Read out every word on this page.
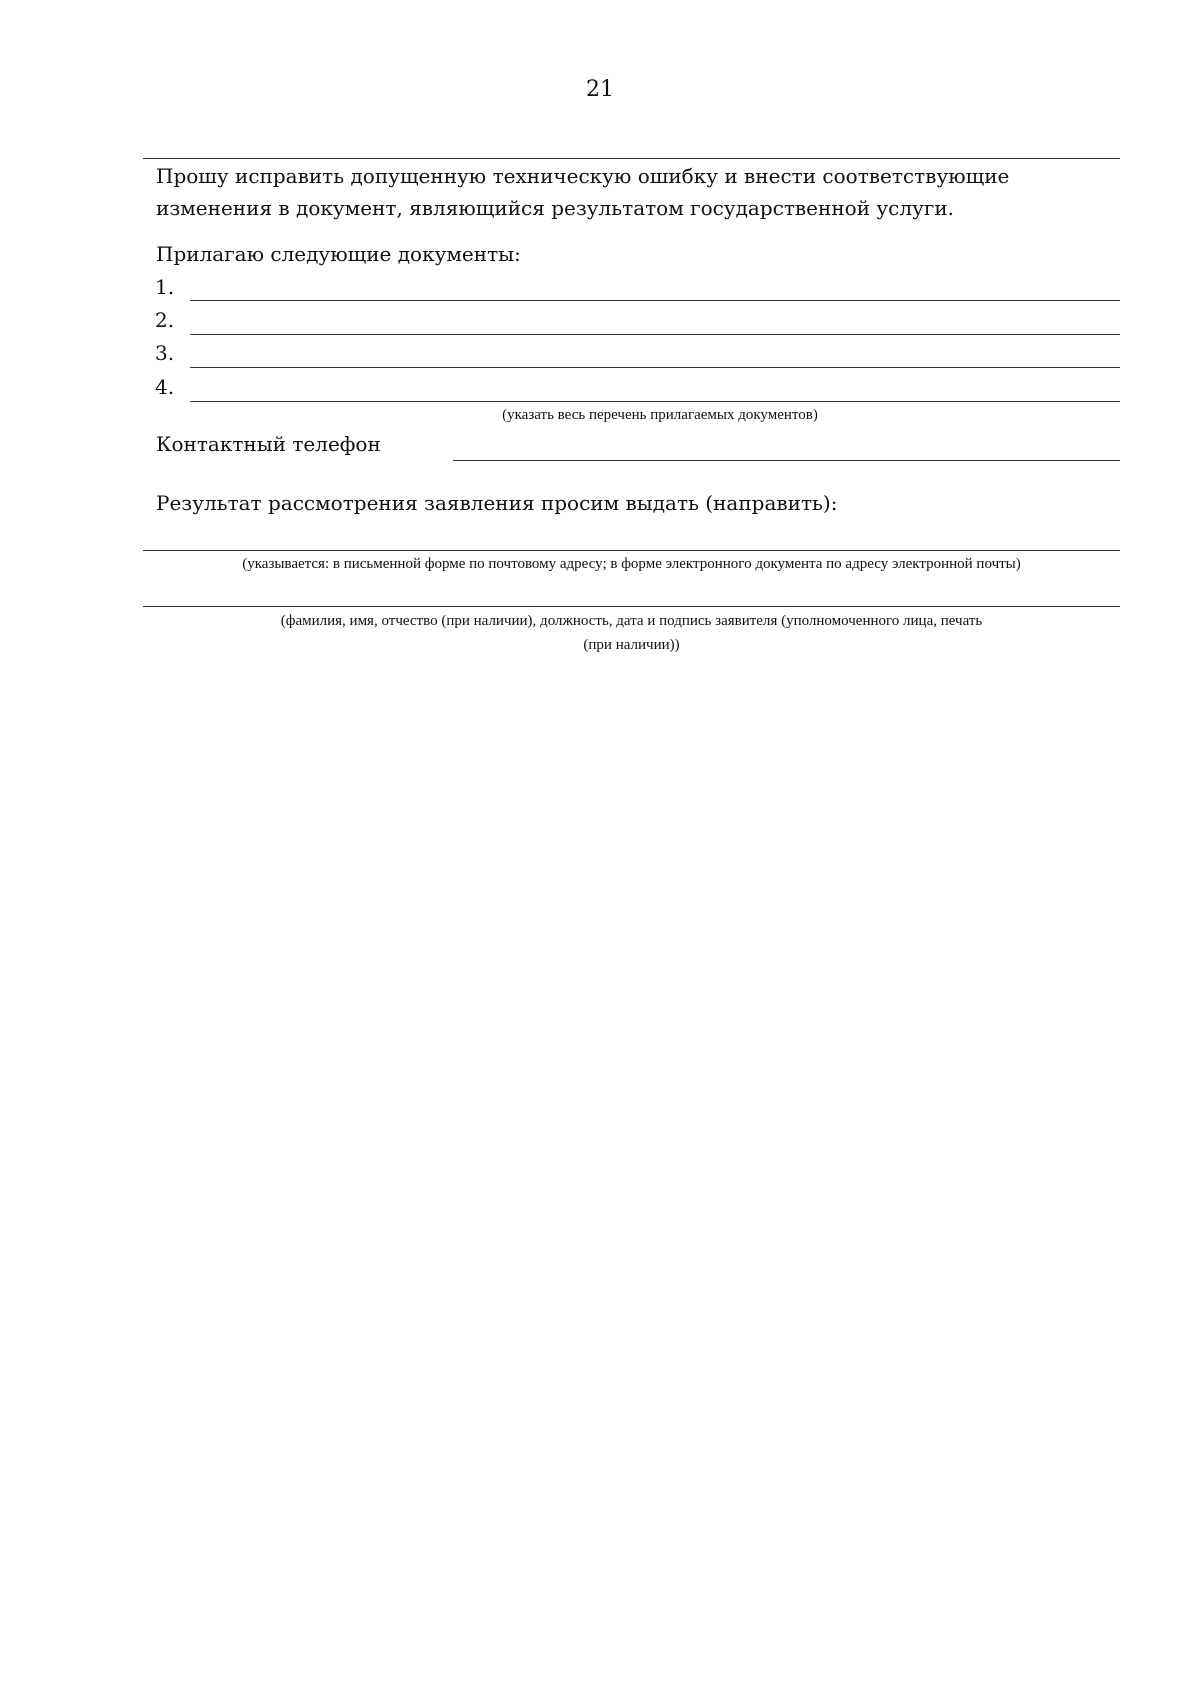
21
Прошу исправить допущенную техническую ошибку и внести соответствующие
изменения в документ, являющийся результатом государственной услуги.
Прилагаю следующие документы:
1.
2.
3.
4.
(указать весь перечень прилагаемых документов)
Контактный телефон
Результат рассмотрения заявления просим выдать (направить):
(указывается: в письменной форме по почтовому адресу; в форме электронного документа по адресу электронной почты)
(фамилия, имя, отчество (при наличии), должность, дата и подпись заявителя (уполномоченного лица, печать
(при наличии))
